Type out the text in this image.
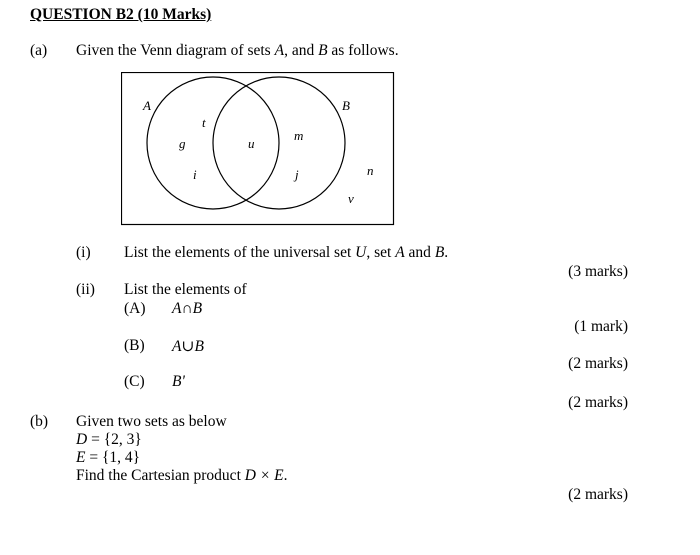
QUESTION B2 (10 Marks)
(a) Given the Venn diagram of sets A, and B as follows.
A	B
t
g
i
u
m
j	n
v
(i) List the elements of the universal set U, set A and B.
(3 marks)
(ii) List the elements of
(A) A∩B
(1 mark)
(B) A∪B
(2 marks)
(C) B'
(2 marks)
(b) Given two sets as below
D = {2, 3}
E = {1, 4}
Find the Cartesian product D × E.
(2 marks)
